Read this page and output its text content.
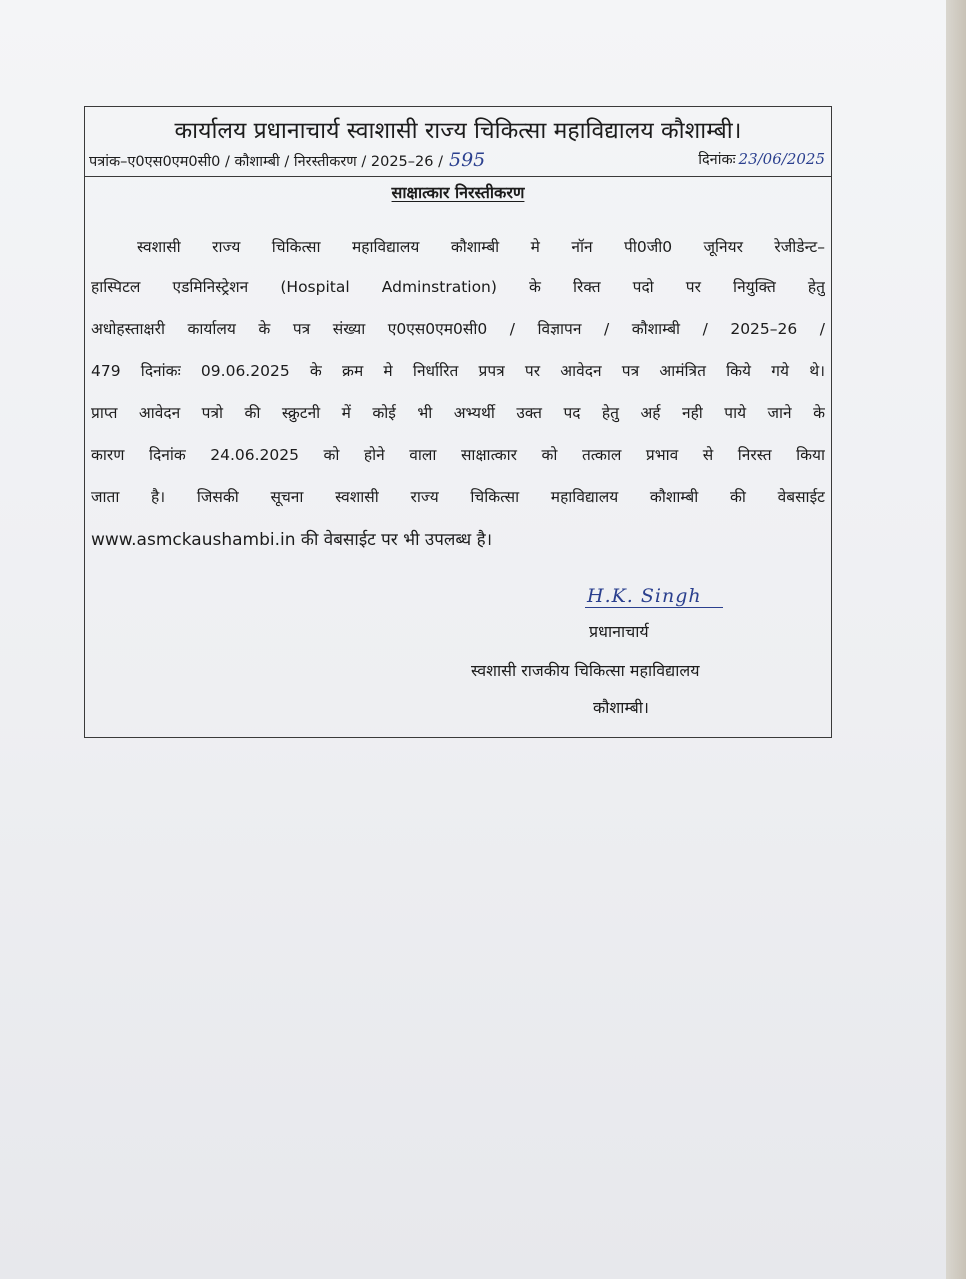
कार्यालय प्रधानाचार्य स्वाशासी राज्य चिकित्सा महाविद्यालय कौशाम्बी।
पत्रांक–ए0एस0एम0सी0 / कौशाम्बी / निरस्तीकरण / 2025–26 / 595	दिनांकः 23/06/2025
साक्षात्कार निरस्तीकरण
स्वशासी राज्य चिकित्सा महाविद्यालय कौशाम्बी मे नॉन पी0जी0 जूनियर रेजीडेन्ट–
हास्पिटल एडमिनिस्ट्रेशन (Hospital Adminstration) के रिक्त पदो पर नियुक्ति हेतु
अधोहस्ताक्षरी कार्यालय के पत्र संख्या ए0एस0एम0सी0 / विज्ञापन / कौशाम्बी / 2025–26 /
479 दिनांकः 09.06.2025 के क्रम मे निर्धारित प्रपत्र पर आवेदन पत्र आमंत्रित किये गये थे।
प्राप्त आवेदन पत्रो की स्क्रुटनी में कोई भी अभ्यर्थी उक्त पद हेतु अर्ह नही पाये जाने के
कारण दिनांक 24.06.2025 को होने वाला साक्षात्कार को तत्काल प्रभाव से निरस्त किया
जाता है। जिसकी सूचना स्वशासी राज्य चिकित्सा महाविद्यालय कौशाम्बी की वेबसाईट
www.asmckaushambi.in की वेबसाईट पर भी उपलब्ध है।
H.K. Singh
प्रधानाचार्य
स्वशासी राजकीय चिकित्सा महाविद्यालय
कौशाम्बी।
